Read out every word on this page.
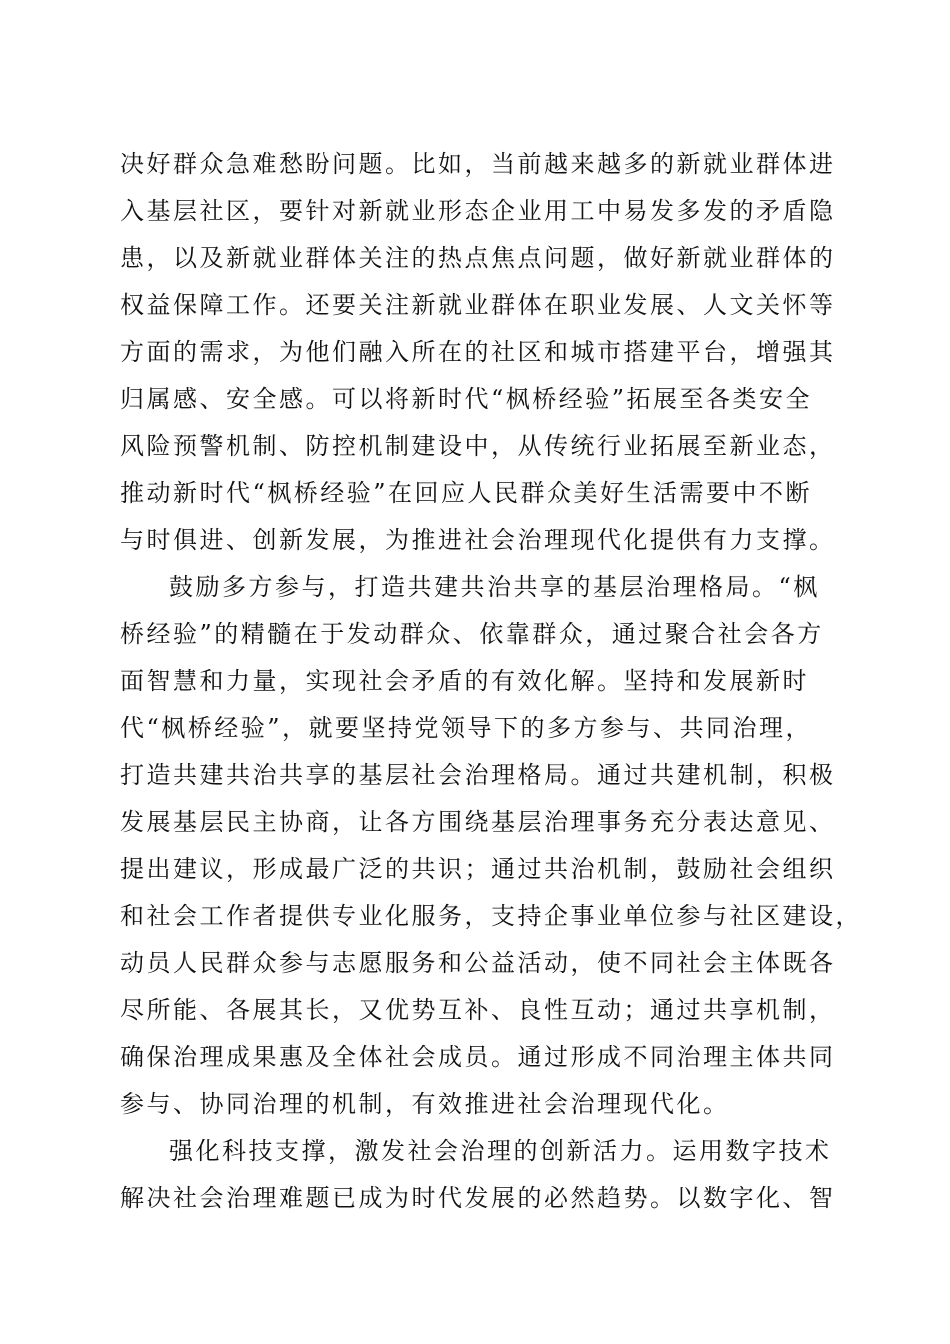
决好群众急难愁盼问题。比如，当前越来越多的新就业群体进
入基层社区，要针对新就业形态企业用工中易发多发的矛盾隐
患，以及新就业群体关注的热点焦点问题，做好新就业群体的
权益保障工作。还要关注新就业群体在职业发展、人文关怀等
方面的需求，为他们融入所在的社区和城市搭建平台，增强其
归属感、安全感。可以将新时代“枫桥经验”拓展至各类安全
风险预警机制、防控机制建设中，从传统行业拓展至新业态，
推动新时代“枫桥经验”在回应人民群众美好生活需要中不断
与时俱进、创新发展，为推进社会治理现代化提供有力支撑。
鼓励多方参与，打造共建共治共享的基层治理格局。“枫
桥经验”的精髓在于发动群众、依靠群众，通过聚合社会各方
面智慧和力量，实现社会矛盾的有效化解。坚持和发展新时
代“枫桥经验”，就要坚持党领导下的多方参与、共同治理，
打造共建共治共享的基层社会治理格局。通过共建机制，积极
发展基层民主协商，让各方围绕基层治理事务充分表达意见、
提出建议，形成最广泛的共识；通过共治机制，鼓励社会组织
和社会工作者提供专业化服务，支持企事业单位参与社区建设，
动员人民群众参与志愿服务和公益活动，使不同社会主体既各
尽所能、各展其长，又优势互补、良性互动；通过共享机制，
确保治理成果惠及全体社会成员。通过形成不同治理主体共同
参与、协同治理的机制，有效推进社会治理现代化。
强化科技支撑，激发社会治理的创新活力。运用数字技术
解决社会治理难题已成为时代发展的必然趋势。以数字化、智
